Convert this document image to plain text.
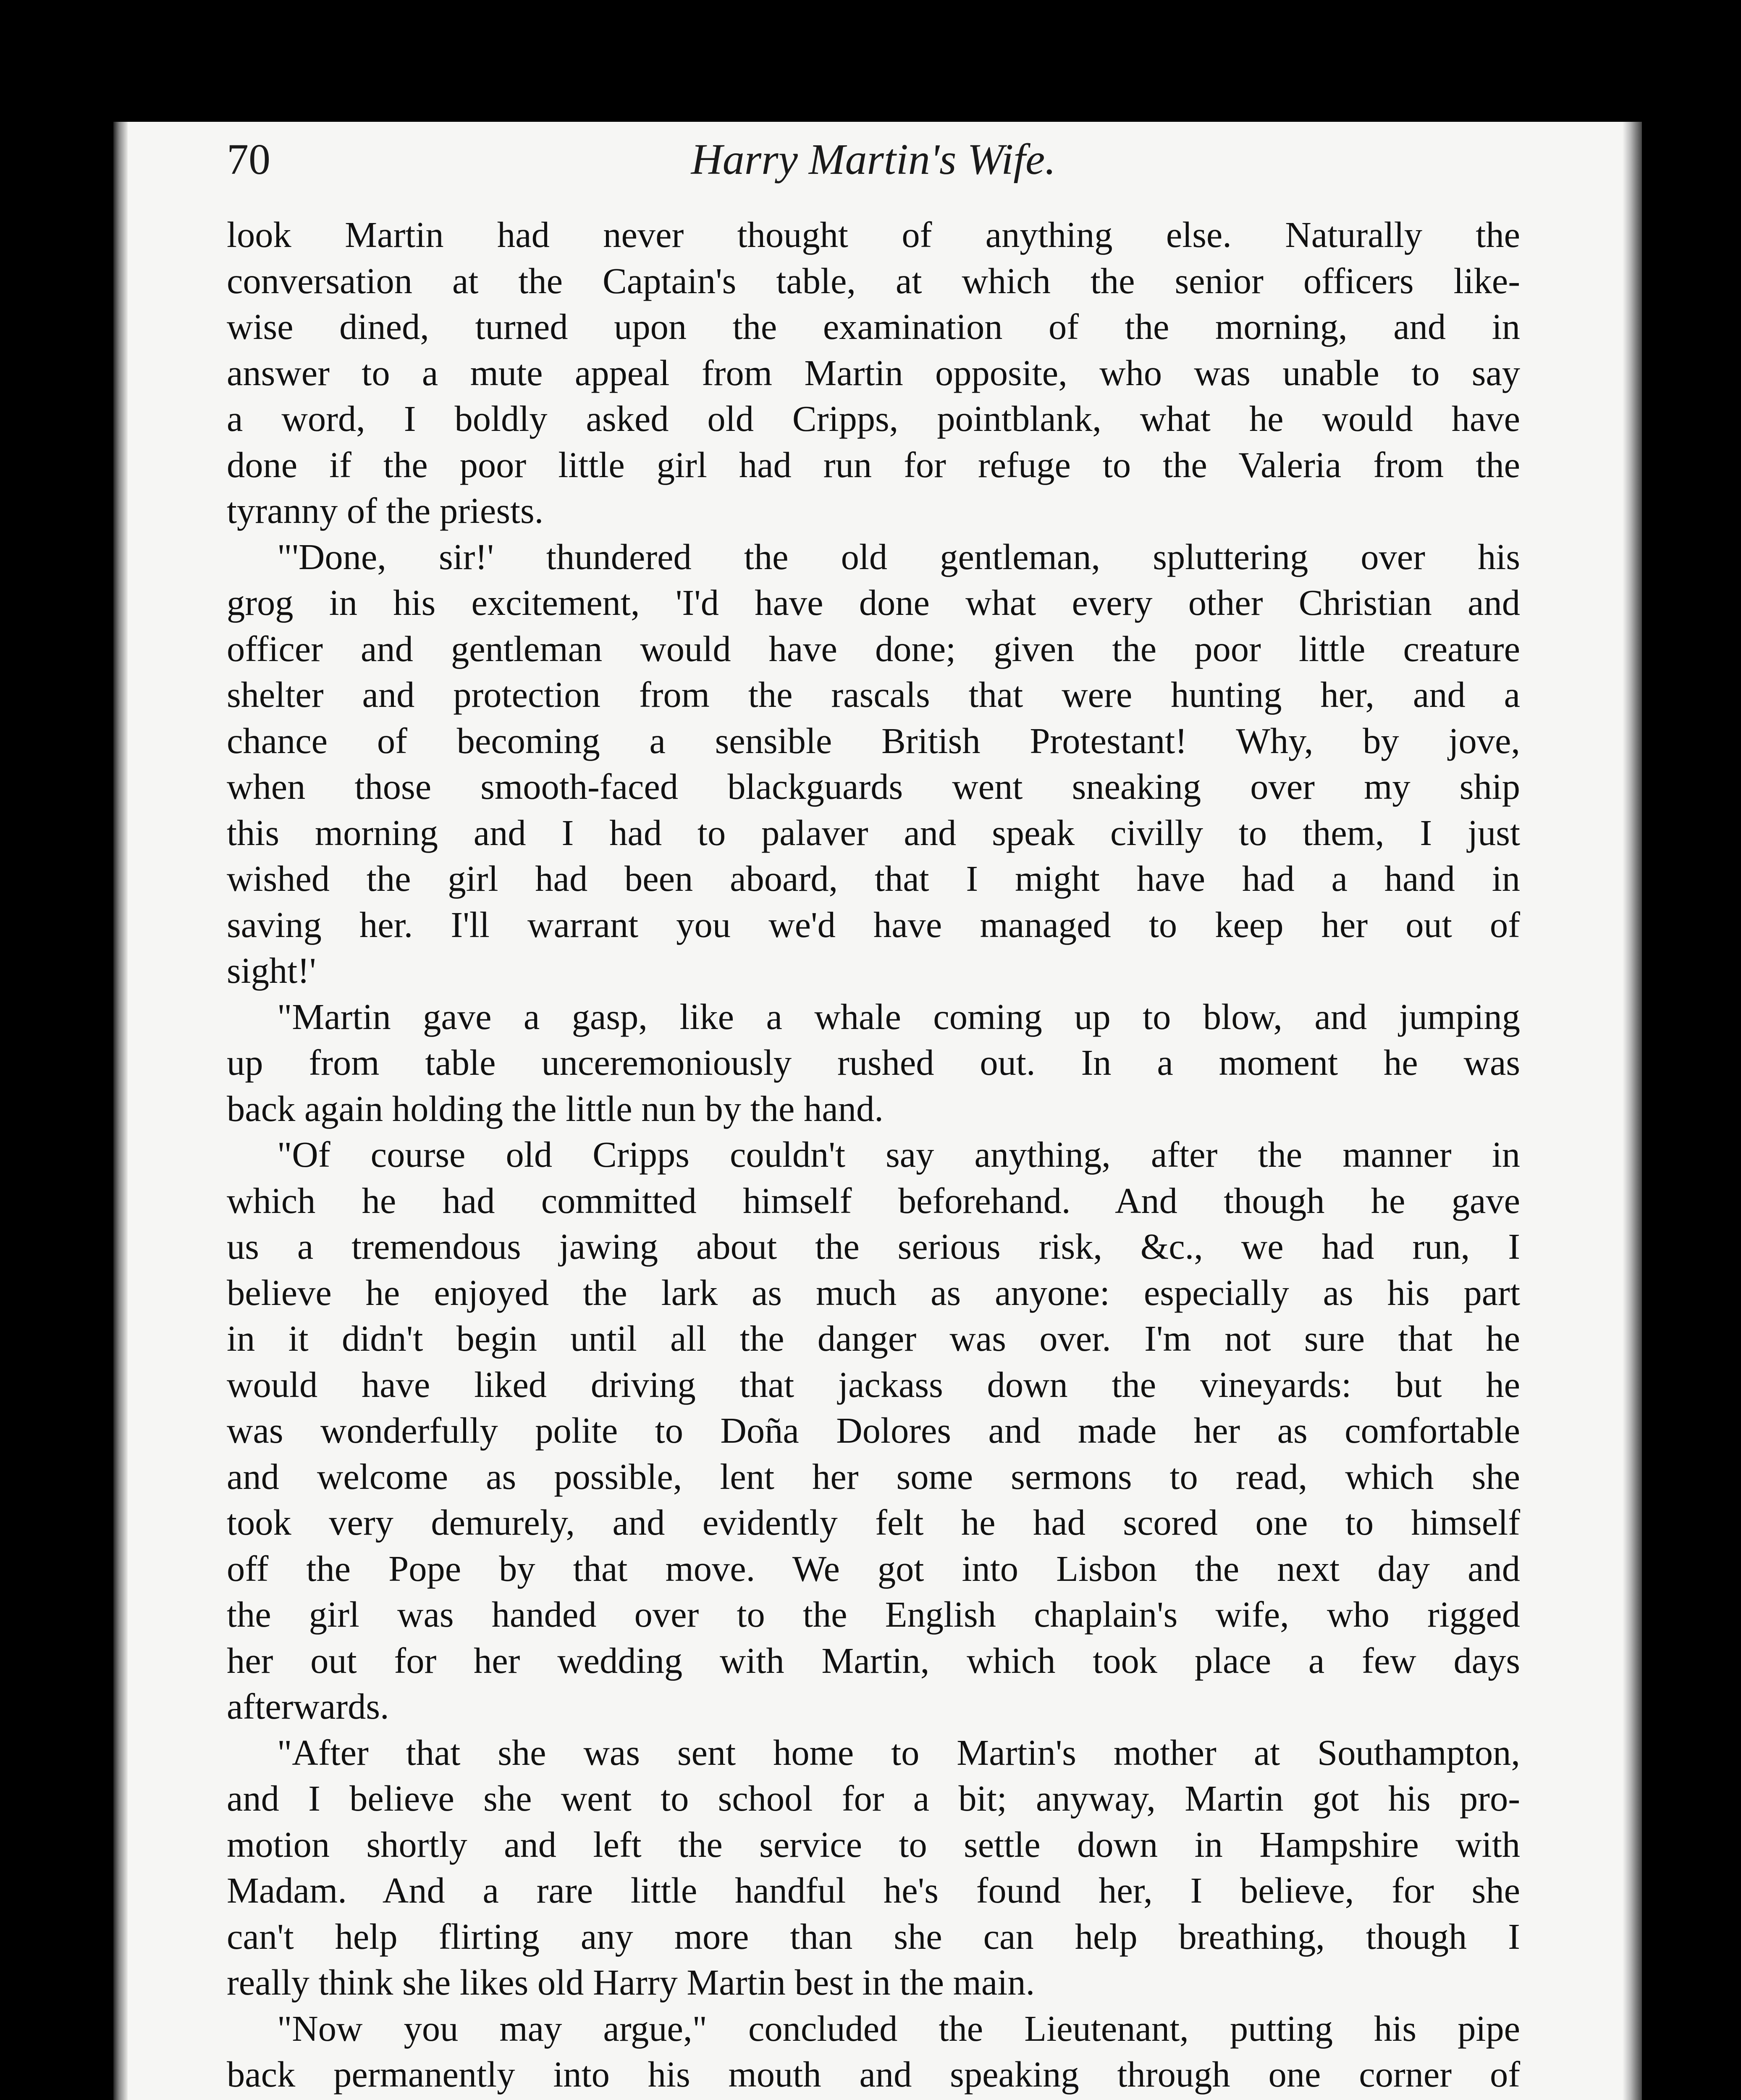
70	Harry Martin's Wife.

look Martin had never thought of anything else. Naturally the

conversation at the Captain's table, at which the senior officers like-

wise dined, turned upon the examination of the morning, and in

answer to a mute appeal from Martin opposite, who was unable to say

a word, I boldly asked old Cripps, pointblank, what he would have

done if the poor little girl had run for refuge to the Valeria from the

tyranny of the priests.

"'Done, sir!' thundered the old gentleman, spluttering over his

grog in his excitement, 'I'd have done what every other Christian and

officer and gentleman would have done; given the poor little creature

shelter and protection from the rascals that were hunting her, and a

chance of becoming a sensible British Protestant! Why, by jove,

when those smooth-faced blackguards went sneaking over my ship

this morning and I had to palaver and speak civilly to them, I just

wished the girl had been aboard, that I might have had a hand in

saving her. I'll warrant you we'd have managed to keep her out of

sight!'

"Martin gave a gasp, like a whale coming up to blow, and jumping

up from table unceremoniously rushed out. In a moment he was

back again holding the little nun by the hand.

"Of course old Cripps couldn't say anything, after the manner in

which he had committed himself beforehand. And though he gave

us a tremendous jawing about the serious risk, &c., we had run, I

believe he enjoyed the lark as much as anyone: especially as his part

in it didn't begin until all the danger was over. I'm not sure that he

would have liked driving that jackass down the vineyards: but he

was wonderfully polite to Doña Dolores and made her as comfortable

and welcome as possible, lent her some sermons to read, which she

took very demurely, and evidently felt he had scored one to himself

off the Pope by that move. We got into Lisbon the next day and

the girl was handed over to the English chaplain's wife, who rigged

her out for her wedding with Martin, which took place a few days

afterwards.

"After that she was sent home to Martin's mother at Southampton,

and I believe she went to school for a bit; anyway, Martin got his pro-

motion shortly and left the service to settle down in Hampshire with

Madam. And a rare little handful he's found her, I believe, for she

can't help flirting any more than she can help breathing, though I

really think she likes old Harry Martin best in the main.

"Now you may argue," concluded the Lieutenant, putting his pipe

back permanently into his mouth and speaking through one corner of
